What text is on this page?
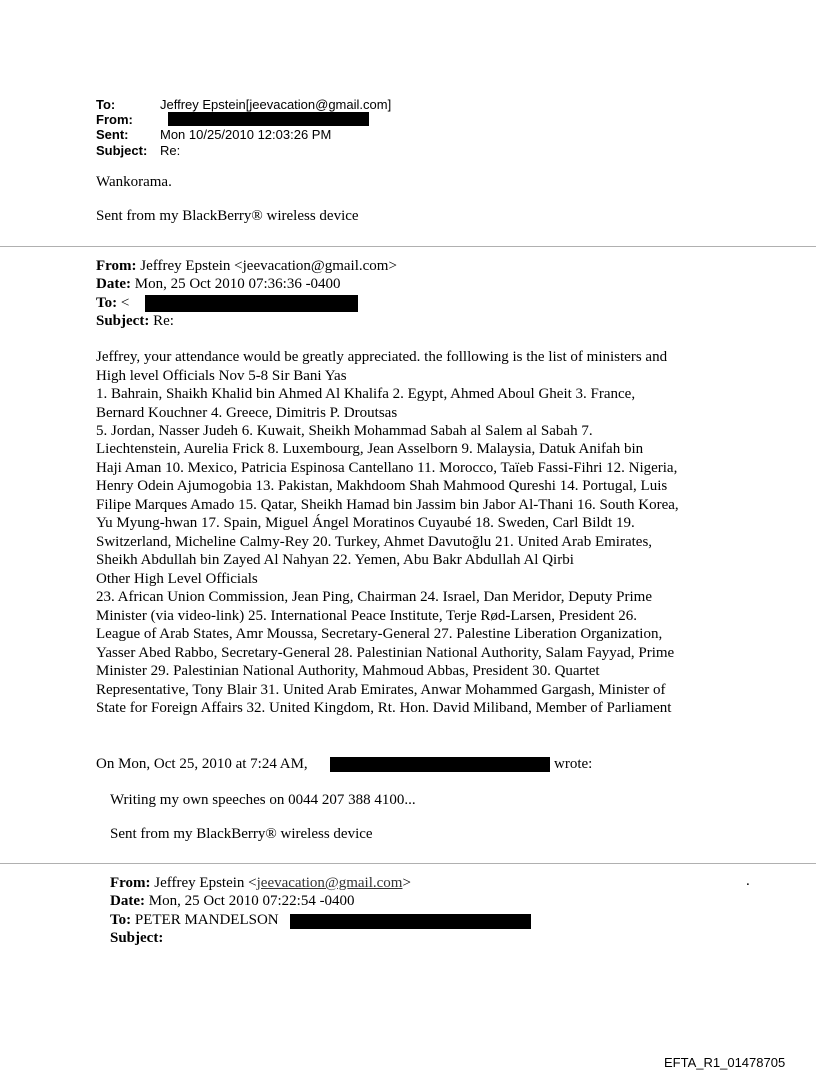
To:	Jeffrey Epstein[jeevacation@gmail.com]
From:
Sent: Mon 10/25/2010 12:03:26 PM
Subject: Re:
Wankorama.
Sent from my BlackBerry® wireless device
From: Jeffrey Epstein <jeevacation@gmail.com>
Date: Mon, 25 Oct 2010 07:36:36 -0400
To: <
Subject: Re:
Jeffrey, your attendance would be greatly appreciated. the folllowing is the list of ministers and
High level Officials Nov 5-8 Sir Bani Yas
1. Bahrain, Shaikh Khalid bin Ahmed Al Khalifa 2. Egypt, Ahmed Aboul Gheit 3. France,
Bernard Kouchner 4. Greece, Dimitris P. Droutsas
5. Jordan, Nasser Judeh 6. Kuwait, Sheikh Mohammad Sabah al Salem al Sabah 7.
Liechtenstein, Aurelia Frick 8. Luxembourg, Jean Asselborn 9. Malaysia, Datuk Anifah bin
Haji Aman 10. Mexico, Patricia Espinosa Cantellano 11. Morocco, Taïeb Fassi-Fihri 12. Nigeria,
Henry Odein Ajumogobia 13. Pakistan, Makhdoom Shah Mahmood Qureshi 14. Portugal, Luis
Filipe Marques Amado 15. Qatar, Sheikh Hamad bin Jassim bin Jabor Al-Thani 16. South Korea,
Yu Myung-hwan 17. Spain, Miguel Ángel Moratinos Cuyaubé 18. Sweden, Carl Bildt 19.
Switzerland, Micheline Calmy-Rey 20. Turkey, Ahmet Davutoğlu 21. United Arab Emirates,
Sheikh Abdullah bin Zayed Al Nahyan 22. Yemen, Abu Bakr Abdullah Al Qirbi
Other High Level Officials
23. African Union Commission, Jean Ping, Chairman 24. Israel, Dan Meridor, Deputy Prime
Minister (via video-link) 25. International Peace Institute, Terje Rød-Larsen, President 26.
League of Arab States, Amr Moussa, Secretary-General 27. Palestine Liberation Organization,
Yasser Abed Rabbo, Secretary-General 28. Palestinian National Authority, Salam Fayyad, Prime
Minister 29. Palestinian National Authority, Mahmoud Abbas, President 30. Quartet
Representative, Tony Blair 31. United Arab Emirates, Anwar Mohammed Gargash, Minister of
State for Foreign Affairs 32. United Kingdom, Rt. Hon. David Miliband, Member of Parliament
On Mon, Oct 25, 2010 at 7:24 AM,	wrote:
Writing my own speeches on 0044 207 388 4100...
Sent from my BlackBerry® wireless device
From: Jeffrey Epstein <jeevacation@gmail.com>	.
Date: Mon, 25 Oct 2010 07:22:54 -0400
To: PETER MANDELSON
Subject:
EFTA_R1_01478705
